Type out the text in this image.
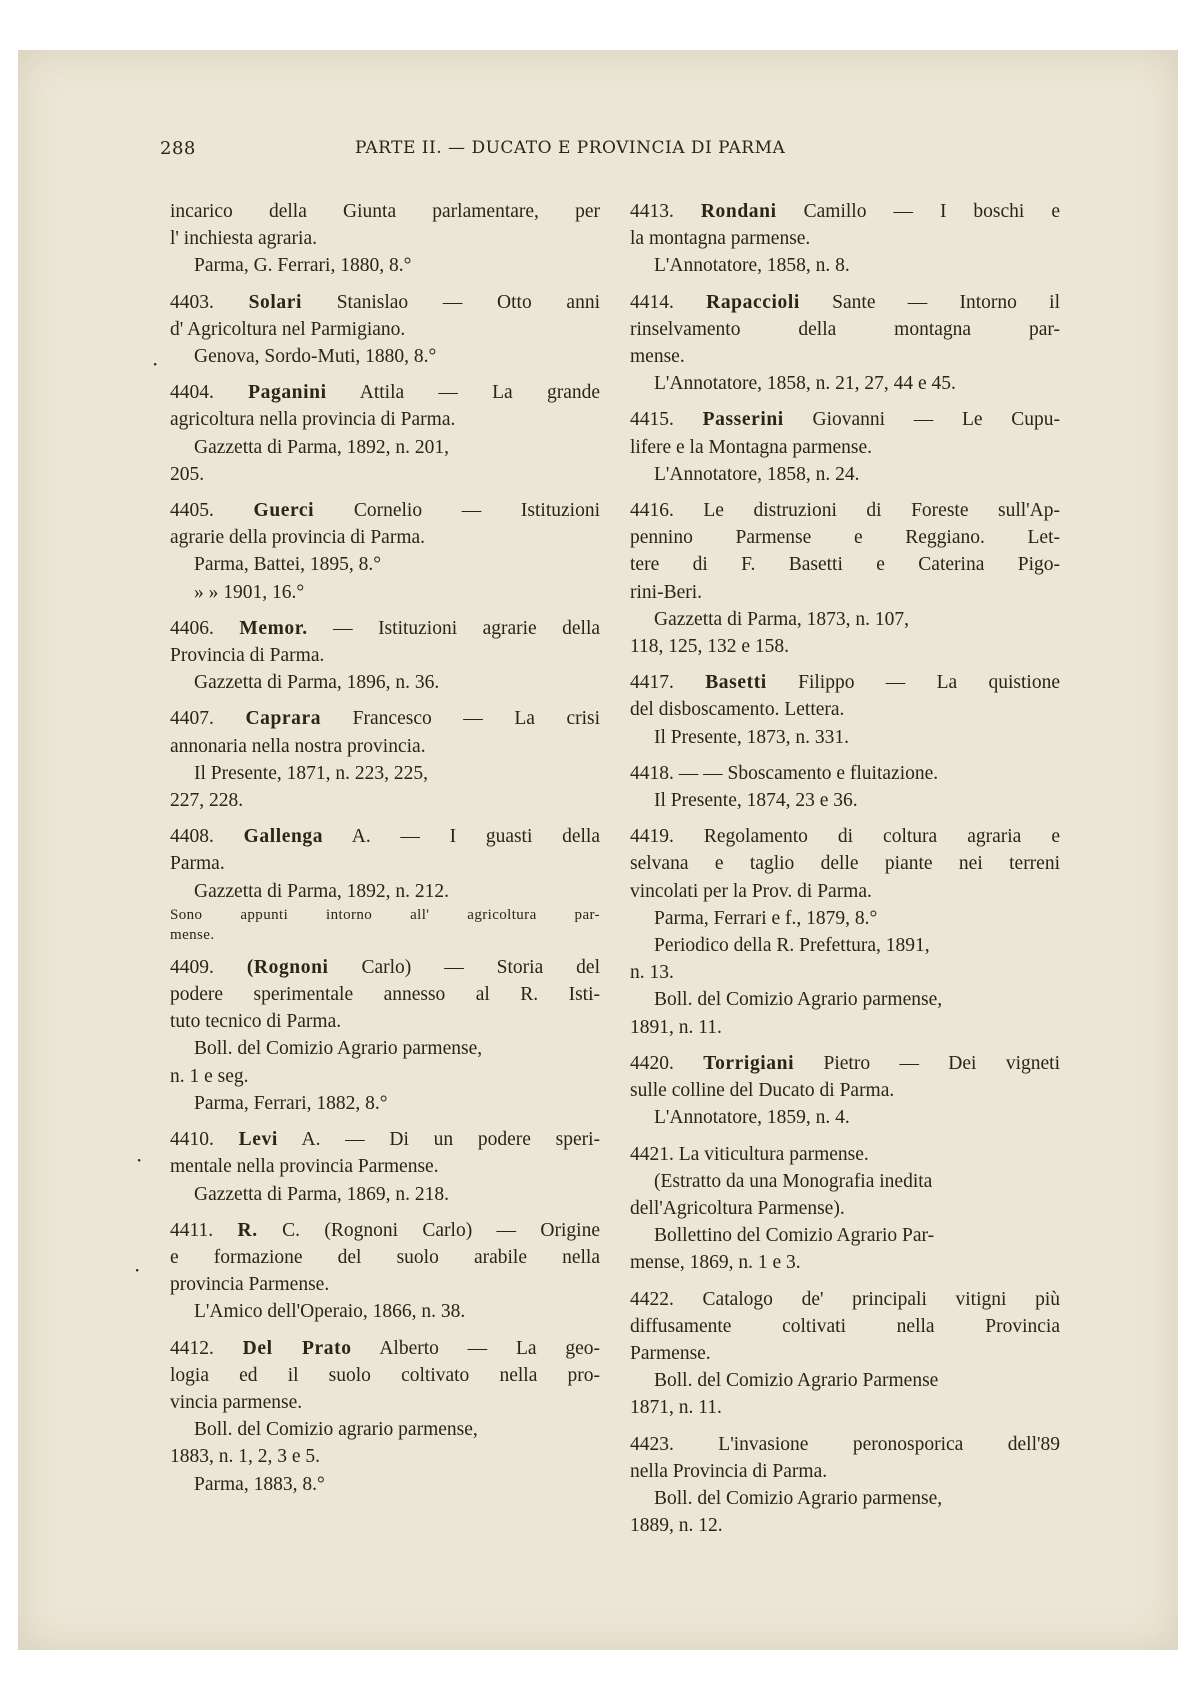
288	PARTE II. — DUCATO E PROVINCIA DI PARMA
·
·
·
incarico della Giunta parlamentare, per
l' inchiesta agraria.
Parma, G. Ferrari, 1880, 8.°
4403. Solari Stanislao — Otto anni
d' Agricoltura nel Parmigiano.
Genova, Sordo-Muti, 1880, 8.°
4404. Paganini Attila — La grande
agricoltura nella provincia di Parma.
Gazzetta di Parma, 1892, n. 201,
205.
4405. Guerci Cornelio — Istituzioni
agrarie della provincia di Parma.
Parma, Battei, 1895, 8.°
» » 1901, 16.°
4406. Memor. — Istituzioni agrarie della
Provincia di Parma.
Gazzetta di Parma, 1896, n. 36.
4407. Caprara Francesco — La crisi
annonaria nella nostra provincia.
Il Presente, 1871, n. 223, 225,
227, 228.
4408. Gallenga A. — I guasti della
Parma.
Gazzetta di Parma, 1892, n. 212.
Sono appunti intorno all' agricoltura par-
mense.
4409. (Rognoni Carlo) — Storia del
podere sperimentale annesso al R. Isti-
tuto tecnico di Parma.
Boll. del Comizio Agrario parmense,
n. 1 e seg.
Parma, Ferrari, 1882, 8.°
4410. Levi A. — Di un podere speri-
mentale nella provincia Parmense.
Gazzetta di Parma, 1869, n. 218.
4411. R. C. (Rognoni Carlo) — Origine
e formazione del suolo arabile nella
provincia Parmense.
L'Amico dell'Operaio, 1866, n. 38.
4412. Del Prato Alberto — La geo-
logia ed il suolo coltivato nella pro-
vincia parmense.
Boll. del Comizio agrario parmense,
1883, n. 1, 2, 3 e 5.
Parma, 1883, 8.°
4413. Rondani Camillo — I boschi e
la montagna parmense.
L'Annotatore, 1858, n. 8.
4414. Rapaccioli Sante — Intorno il
rinselvamento della montagna par-
mense.
L'Annotatore, 1858, n. 21, 27, 44 e 45.
4415. Passerini Giovanni — Le Cupu-
lifere e la Montagna parmense.
L'Annotatore, 1858, n. 24.
4416. Le distruzioni di Foreste sull'Ap-
pennino Parmense e Reggiano. Let-
tere di F. Basetti e Caterina Pigo-
rini-Beri.
Gazzetta di Parma, 1873, n. 107,
118, 125, 132 e 158.
4417. Basetti Filippo — La quistione
del disboscamento. Lettera.
Il Presente, 1873, n. 331.
4418. — — Sboscamento e fluitazione.
Il Presente, 1874, 23 e 36.
4419. Regolamento di coltura agraria e
selvana e taglio delle piante nei terreni
vincolati per la Prov. di Parma.
Parma, Ferrari e f., 1879, 8.°
Periodico della R. Prefettura, 1891,
n. 13.
Boll. del Comizio Agrario parmense,
1891, n. 11.
4420. Torrigiani Pietro — Dei vigneti
sulle colline del Ducato di Parma.
L'Annotatore, 1859, n. 4.
4421. La viticultura parmense.
(Estratto da una Monografia inedita
dell'Agricoltura Parmense).
Bollettino del Comizio Agrario Par-
mense, 1869, n. 1 e 3.
4422. Catalogo de' principali vitigni più
diffusamente coltivati nella Provincia
Parmense.
Boll. del Comizio Agrario Parmense
1871, n. 11.
4423. L'invasione peronosporica dell'89
nella Provincia di Parma.
Boll. del Comizio Agrario parmense,
1889, n. 12.
